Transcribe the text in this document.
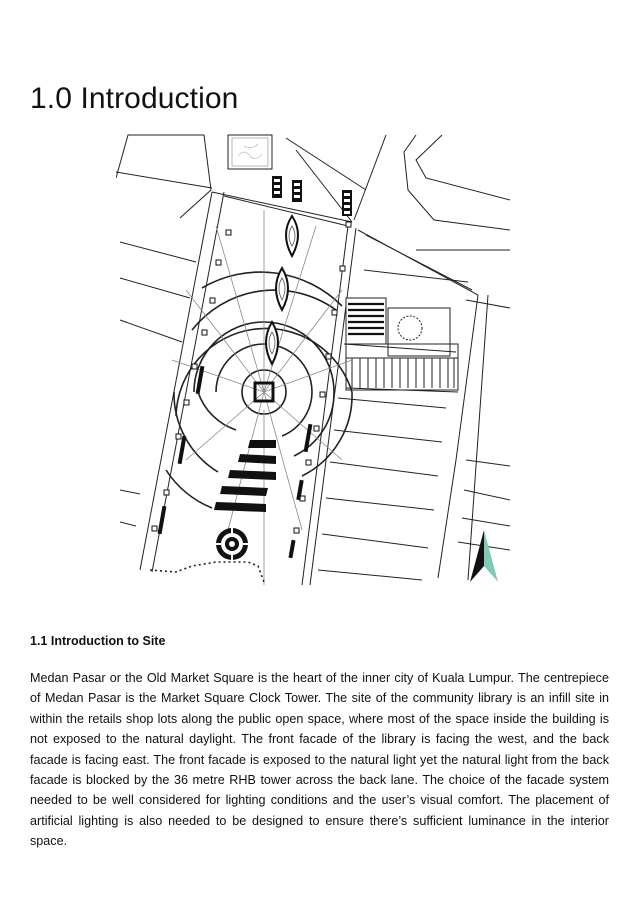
1.0 Introduction
1.1 Introduction to Site

Medan Pasar or the Old Market Square is the heart of the inner city of Kuala Lumpur. The centrepiece of Medan Pasar is the Market Square Clock Tower. The site of the community library is an infill site in within the retails shop lots along the public open space, where most of the space inside the building is not exposed to the natural daylight. The front facade of the library is facing the west, and the back facade is facing east. The front facade is exposed to the natural light yet the natural light from the back facade is blocked by the 36 metre RHB tower across the back lane. The choice of the facade system needed to be well considered for lighting conditions and the user’s visual comfort. The placement of artificial lighting is also needed to be designed to ensure there’s sufficient luminance in the interior space.
